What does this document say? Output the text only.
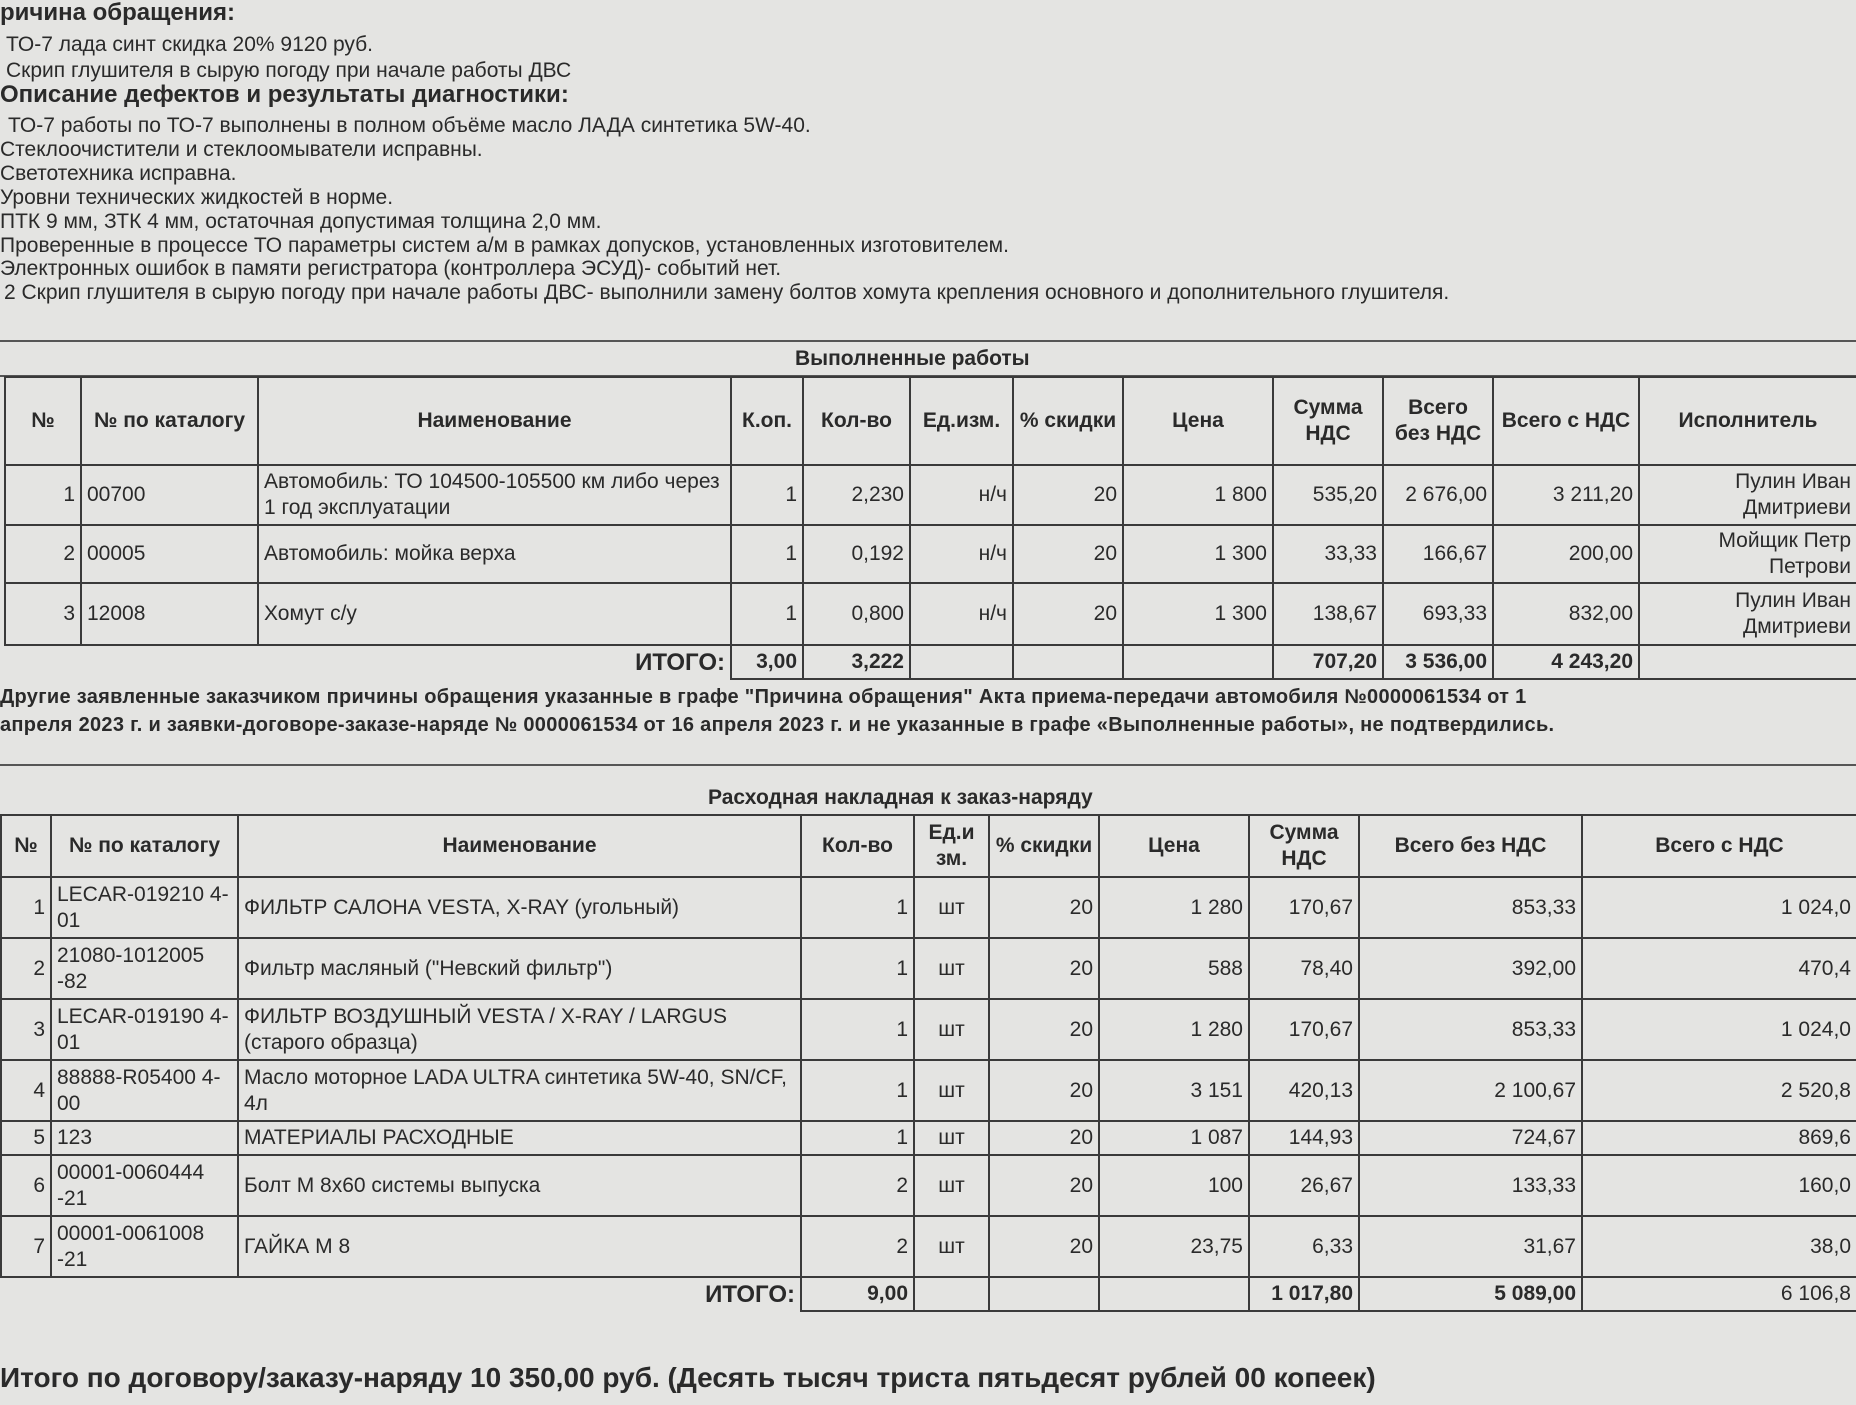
ричина обращения:
ТО-7 лада синт скидка 20% 9120 руб.
Скрип глушителя в сырую погоду при начале работы ДВС
Описание дефектов и результаты диагностики:
ТО-7 работы по ТО-7 выполнены в полном объёме масло ЛАДА синтетика 5W-40.
Стеклоочистители и стеклоомыватели исправны.
Светотехника исправна.
Уровни технических жидкостей в норме.
ПТК 9 мм, ЗТК 4 мм, остаточная допустимая толщина 2,0 мм.
Проверенные в процессе ТО параметры систем а/м в рамках допусков, установленных изготовителем.
Электронных ошибок в памяти регистратора (контроллера ЭСУД)- событий нет.
2 Скрип глушителя в сырую погоду при начале работы ДВС- выполнили замену болтов хомута крепления основного и дополнительного глушителя.
Выполненные работы
№	№ по каталогу	Наименование	К.оп.	Кол-во	Ед.изм.	% скидки	Цена	Сумма НДС	Всего без НДС	Всего с НДС	Исполнитель
1	00700	Автомобиль: ТО 104500-105500 км либо через 1 год эксплуатации	1	2,230	н/ч	20	1 800	535,20	2 676,00	3 211,20	Пулин Иван Дмитриеви
2	00005	Автомобиль: мойка верха	1	0,192	н/ч	20	1 300	33,33	166,67	200,00	Мойщик Петр Петрови
3	12008	Хомут с/у	1	0,800	н/ч	20	1 300	138,67	693,33	832,00	Пулин Иван Дмитриеви
ИТОГО:			3,00	3,222				707,20	3 536,00	4 243,20	
Другие заявленные заказчиком причины обращения указанные в графе "Причина обращения" Акта приема-передачи автомобиля №0000061534 от 1
апреля 2023 г. и заявки-договоре-заказе-наряде № 0000061534 от 16 апреля 2023 г. и не указанные в графе «Выполненные работы», не подтвердились.
Расходная накладная к заказ-наряду
№	№ по каталогу	Наименование	Кол-во	Ед.и зм.	% скидки	Цена	Сумма НДС	Всего без НДС	Всего с НДС
1	LECAR-019210 4-01	ФИЛЬТР САЛОНА VESTA, X-RAY (угольный)	1	шт	20	1 280	170,67	853,33	1 024,0
2	21080-1012005 -82	Фильтр масляный ("Невский фильтр")	1	шт	20	588	78,40	392,00	470,4
3	LECAR-019190 4-01	ФИЛЬТР ВОЗДУШНЫЙ VESTA / X-RAY / LARGUS (старого образца)	1	шт	20	1 280	170,67	853,33	1 024,0
4	88888-R05400 4-00	Масло моторное LADA ULTRA синтетика 5W-40, SN/CF, 4л	1	шт	20	3 151	420,13	2 100,67	2 520,8
5	123	МАТЕРИАЛЫ РАСХОДНЫЕ	1	шт	20	1 087	144,93	724,67	869,6
6	00001-0060444 -21	Болт М 8х60 системы выпуска	2	шт	20	100	26,67	133,33	160,0
7	00001-0061008 -21	ГАЙКА М 8	2	шт	20	23,75	6,33	31,67	38,0
ИТОГО:			9,00				1 017,80	5 089,00	6 106,8
Итого по договору/заказу-наряду 10 350,00 руб. (Десять тысяч триста пятьдесят рублей 00 копеек)
